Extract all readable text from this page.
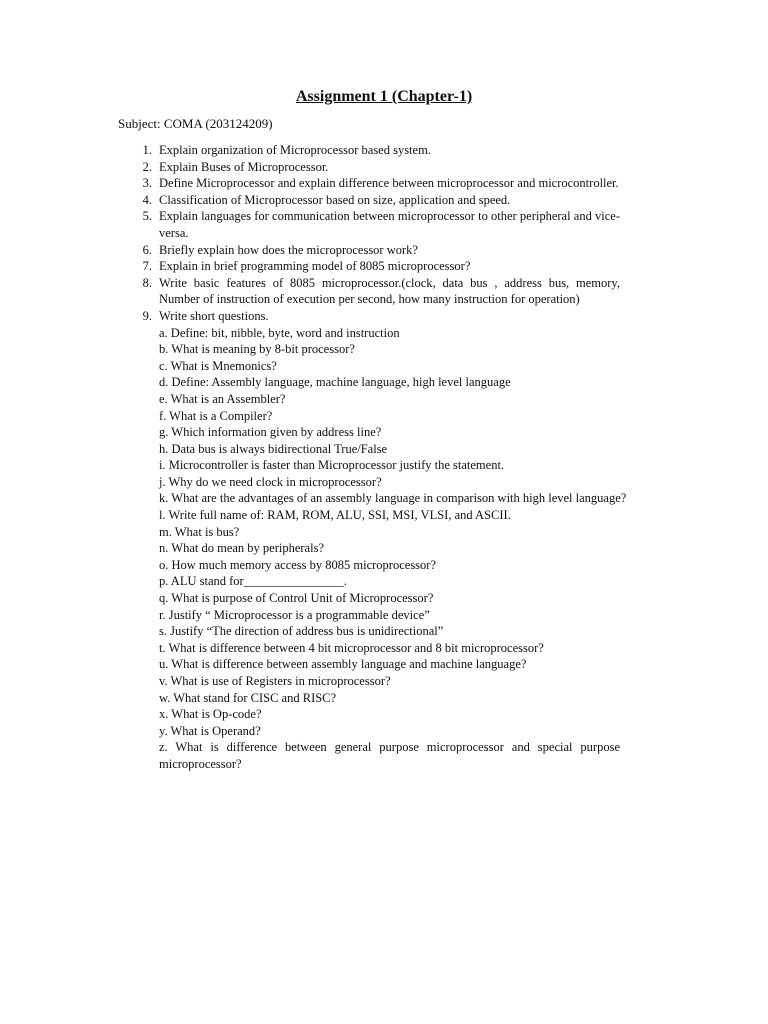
Assignment 1 (Chapter-1)
Subject: COMA (203124209)
1. Explain organization of Microprocessor based system.
2. Explain Buses of Microprocessor.
3. Define Microprocessor and explain difference between microprocessor and microcontroller.
4. Classification of Microprocessor based on size, application and speed.
5. Explain languages for communication between microprocessor to other peripheral and vice-versa.
6. Briefly explain how does the microprocessor work?
7. Explain in brief programming model of 8085 microprocessor?
8. Write basic features of 8085 microprocessor.(clock, data bus , address bus, memory, Number of instruction of execution per second, how many instruction for operation)
9. Write short questions.
a. Define: bit, nibble, byte, word and instruction
b. What is meaning by 8-bit processor?
c. What is Mnemonics?
d. Define: Assembly language, machine language, high level language
e. What is an Assembler?
f. What is a Compiler?
g. Which information given by address line?
h. Data bus is always bidirectional True/False
i. Microcontroller is faster than Microprocessor justify the statement.
j. Why do we need clock in microprocessor?
k. What are the advantages of an assembly language in comparison with high level language?
l. Write full name of: RAM, ROM, ALU, SSI, MSI, VLSI, and ASCII.
m. What is bus?
n. What do mean by peripherals?
o. How much memory access by 8085 microprocessor?
p. ALU stand for________________.
q. What is purpose of Control Unit of Microprocessor?
r. Justify “ Microprocessor is a programmable device”
s. Justify “The direction of address bus is unidirectional”
t. What is difference between 4 bit microprocessor and 8 bit microprocessor?
u. What is difference between assembly language and machine language?
v. What is use of Registers in microprocessor?
w. What stand for CISC and RISC?
x. What is Op-code?
y. What is Operand?
z. What is difference between general purpose microprocessor and special purpose microprocessor?
